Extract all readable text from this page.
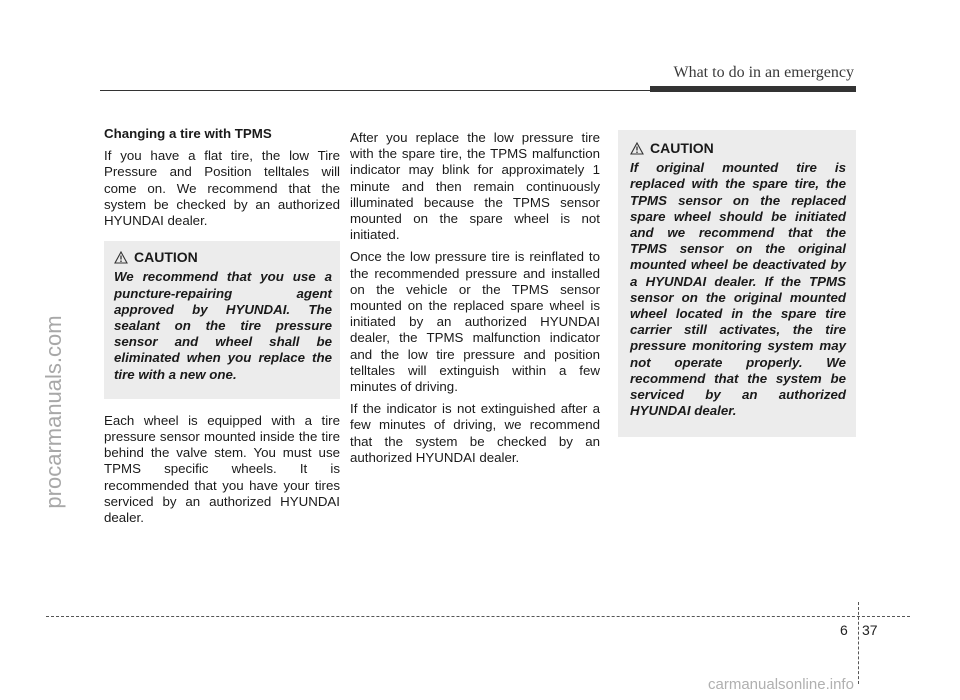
What to do in an emergency
procarmanuals.com

Changing a tire with TPMS

If you have a flat tire, the low Tire Pressure and Position telltales will come on. We recommend that the system be checked by an authorized HYUNDAI dealer.

CAUTION

We recommend that you use a puncture-repairing agent approved by HYUNDAI. The sealant on the tire pressure sensor and wheel shall be eliminated when you replace the tire with a new one.

Each wheel is equipped with a tire pressure sensor mounted inside the tire behind the valve stem. You must use TPMS specific wheels. It is recommended that you have your tires serviced by an authorized HYUNDAI dealer.

After you replace the low pressure tire with the spare tire, the TPMS malfunction indicator may blink for approximately 1 minute and then remain continuously illuminated because the TPMS sensor mounted on the spare wheel is not initiated.

Once the low pressure tire is reinflated to the recommended pressure and installed on the vehicle or the TPMS sensor mounted on the replaced spare wheel is initiated by an authorized HYUNDAI dealer, the TPMS malfunction indicator and the low tire pressure and position telltales will extinguish within a few minutes of driving.

If the indicator is not extinguished after a few minutes of driving, we recommend that the system be checked by an authorized HYUNDAI dealer.

CAUTION

If original mounted tire is replaced with the spare tire, the TPMS sensor on the replaced spare wheel should be initiated and we recommend that the TPMS sensor on the original mounted wheel be deactivated by a HYUNDAI dealer. If the TPMS sensor on the original mounted wheel located in the spare tire carrier still activates, the tire pressure monitoring system may not operate properly. We recommend that the system be serviced by an authorized HYUNDAI dealer.

6 37
carmanualsonline.info
